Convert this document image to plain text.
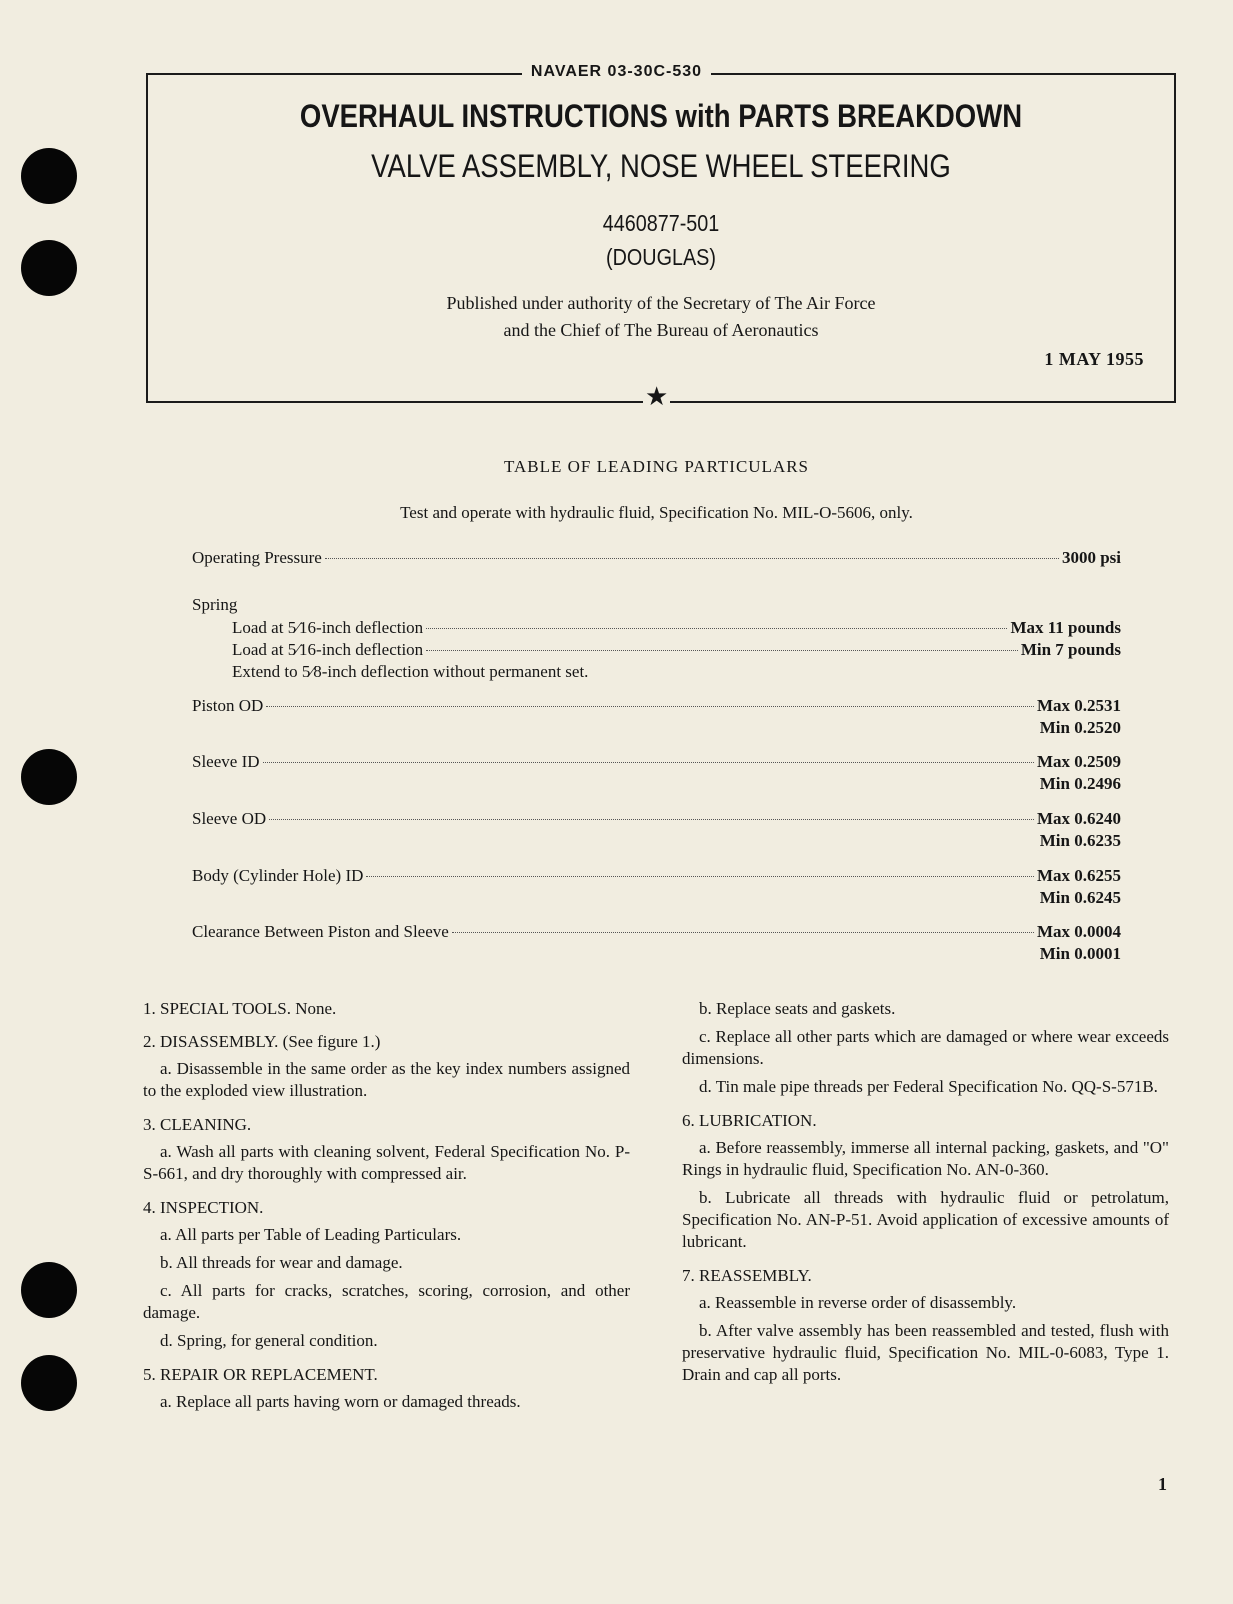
NAVAER 03-30C-530
OVERHAUL INSTRUCTIONS with PARTS BREAKDOWN
VALVE ASSEMBLY, NOSE WHEEL STEERING
4460877-501
(DOUGLAS)
Published under authority of the Secretary of The Air Force
and the Chief of The Bureau of Aeronautics
1 MAY 1955
★
TABLE OF LEADING PARTICULARS
Test and operate with hydraulic fluid, Specification No. MIL-O-5606, only.
Operating Pressure	3000 psi
Spring
Load at 5⁄16-inch deflection	Max 11 pounds
Load at 5⁄16-inch deflection	Min 7 pounds
Extend to 5⁄8-inch deflection without permanent set.
Piston OD	Max 0.2531
Min 0.2520
Sleeve ID	Max 0.2509
Min 0.2496
Sleeve OD	Max 0.6240
Min 0.6235
Body (Cylinder Hole) ID	Max 0.6255
Min 0.6245
Clearance Between Piston and Sleeve	Max 0.0004
Min 0.0001
1. SPECIAL TOOLS. None.
2. DISASSEMBLY. (See figure 1.)
a. Disassemble in the same order as the key index numbers assigned to the exploded view illustration.
3. CLEANING.
a. Wash all parts with cleaning solvent, Federal Specification No. P-S-661, and dry thoroughly with compressed air.
4. INSPECTION.
a. All parts per Table of Leading Particulars.
b. All threads for wear and damage.
c. All parts for cracks, scratches, scoring, corrosion, and other damage.
d. Spring, for general condition.
5. REPAIR OR REPLACEMENT.
a. Replace all parts having worn or damaged threads.
b. Replace seats and gaskets.
c. Replace all other parts which are damaged or where wear exceeds dimensions.
d. Tin male pipe threads per Federal Specification No. QQ-S-571B.
6. LUBRICATION.
a. Before reassembly, immerse all internal packing, gaskets, and "O" Rings in hydraulic fluid, Specification No. AN-0-360.
b. Lubricate all threads with hydraulic fluid or petrolatum, Specification No. AN-P-51. Avoid application of excessive amounts of lubricant.
7. REASSEMBLY.
a. Reassemble in reverse order of disassembly.
b. After valve assembly has been reassembled and tested, flush with preservative hydraulic fluid, Specification No. MIL-0-6083, Type 1. Drain and cap all ports.
1
